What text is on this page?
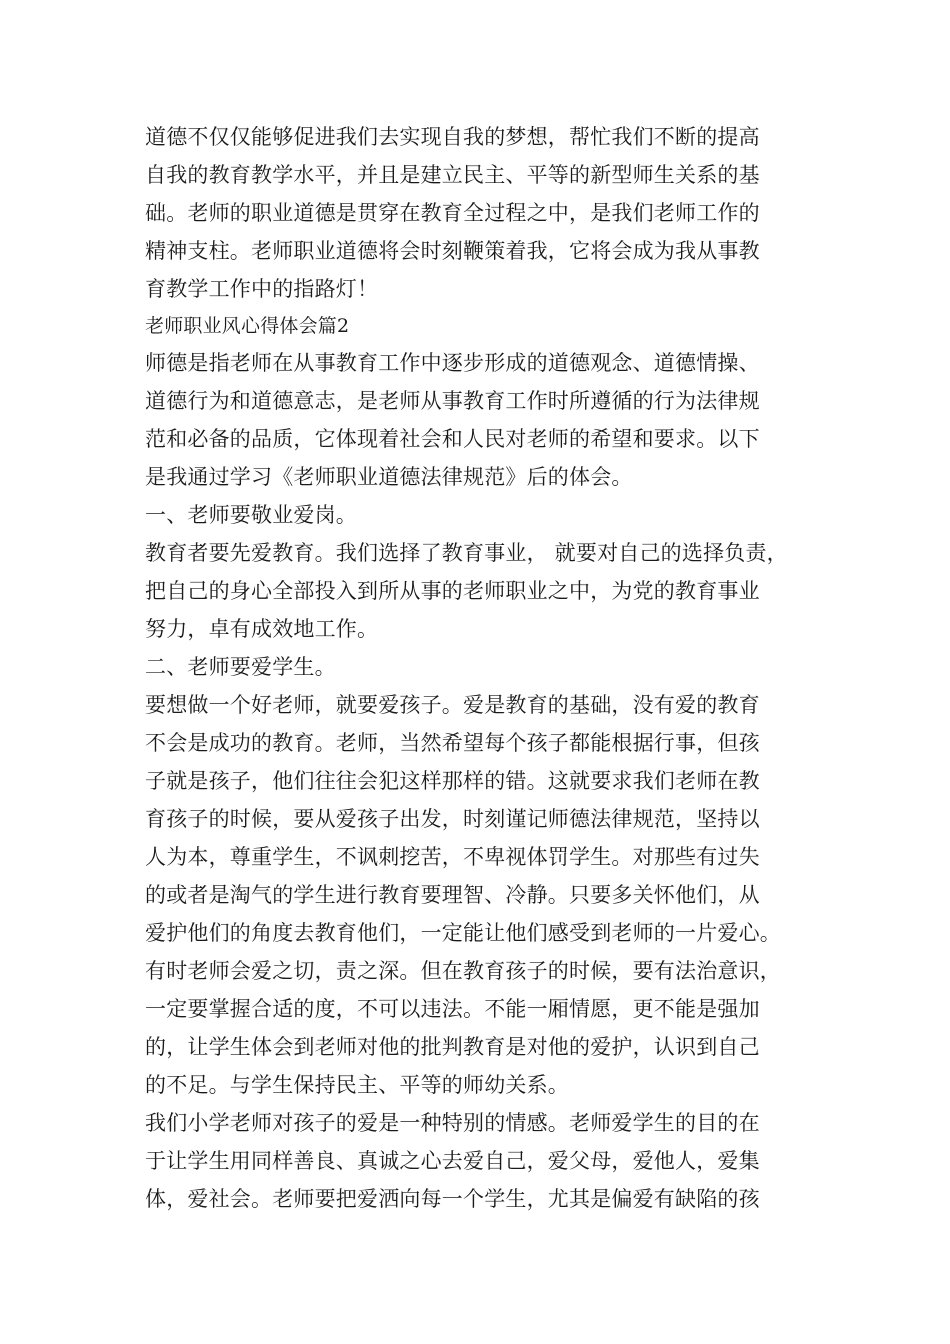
道德不仅仅能够促进我们去实现自我的梦想，帮忙我们不断的提高
自我的教育教学水平，并且是建立民主、平等的新型师生关系的基
础。老师的职业道德是贯穿在教育全过程之中，是我们老师工作的
精神支柱。老师职业道德将会时刻鞭策着我，它将会成为我从事教
育教学工作中的指路灯！
老师职业风心得体会篇2
师德是指老师在从事教育工作中逐步形成的道德观念、道德情操、
道德行为和道德意志，是老师从事教育工作时所遵循的行为法律规
范和必备的品质，它体现着社会和人民对老师的希望和要求。以下
是我通过学习《老师职业道德法律规范》后的体会。
一、老师要敬业爱岗。
教育者要先爱教育。我们选择了教育事业， 就要对自己的选择负责，
把自己的身心全部投入到所从事的老师职业之中，为党的教育事业
努力，卓有成效地工作。
二、老师要爱学生。
要想做一个好老师，就要爱孩子。爱是教育的基础，没有爱的教育
不会是成功的教育。老师，当然希望每个孩子都能根据行事，但孩
子就是孩子，他们往往会犯这样那样的错。这就要求我们老师在教
育孩子的时候，要从爱孩子出发，时刻谨记师德法律规范，坚持以
人为本，尊重学生，不讽刺挖苦，不卑视体罚学生。对那些有过失
的或者是淘气的学生进行教育要理智、冷静。只要多关怀他们，从
爱护他们的角度去教育他们，一定能让他们感受到老师的一片爱心。
有时老师会爱之切，责之深。但在教育孩子的时候，要有法治意识，
一定要掌握合适的度，不可以违法。不能一厢情愿，更不能是强加
的，让学生体会到老师对他的批判教育是对他的爱护，认识到自己
的不足。与学生保持民主、平等的师幼关系。
我们小学老师对孩子的爱是一种特别的情感。老师爱学生的目的在
于让学生用同样善良、真诚之心去爱自己，爱父母，爱他人，爱集
体，爱社会。老师要把爱洒向每一个学生，尤其是偏爱有缺陷的孩
